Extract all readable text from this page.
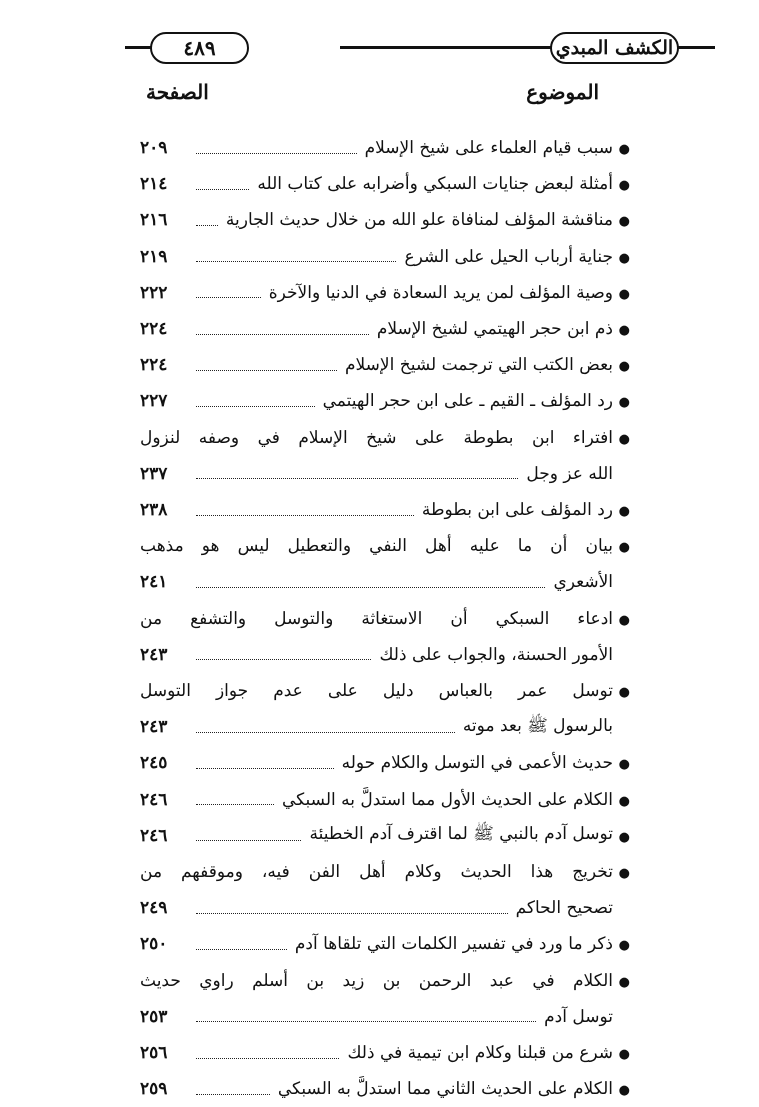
٤٨٩	الكشف المبدي
الموضوع
الصفحة
●
سبب قيام العلماء على شيخ الإسلام
٢٠٩
●
أمثلة لبعض جنايات السبكي وأضرابه على كتاب الله
٢١٤
●
مناقشة المؤلف لمنافاة علو الله من خلال حديث الجارية
٢١٦
●
جناية أرباب الحيل على الشرع
٢١٩
●
وصية المؤلف لمن يريد السعادة في الدنيا والآخرة
٢٢٢
●
ذم ابن حجر الهيتمي لشيخ الإسلام
٢٢٤
●
بعض الكتب التي ترجمت لشيخ الإسلام
٢٢٤
●
رد المؤلف ـ القيم ـ على ابن حجر الهيتمي
٢٢٧
●
افتراء ابن بطوطة على شيخ الإسلام في وصفه لنزول
الله عز وجل
٢٣٧
●
رد المؤلف على ابن بطوطة
٢٣٨
●
بيان أن ما عليه أهل النفي والتعطيل ليس هو مذهب
الأشعري
٢٤١
●
ادعاء السبكي أن الاستغاثة والتوسل والتشفع من
الأمور الحسنة، والجواب على ذلك
٢٤٣
●
توسل عمر بالعباس دليل على عدم جواز التوسل
بالرسول ﷺ بعد موته
٢٤٣
●
حديث الأعمى في التوسل والكلام حوله
٢٤٥
●
الكلام على الحديث الأول مما استدلَّ به السبكي
٢٤٦
●
توسل آدم بالنبي ﷺ لما اقترف آدم الخطيئة
٢٤٦
●
تخريج هذا الحديث وكلام أهل الفن فيه، وموقفهم من
تصحيح الحاكم
٢٤٩
●
ذكر ما ورد في تفسير الكلمات التي تلقاها آدم
٢٥٠
●
الكلام في عبد الرحمن بن زيد بن أسلم راوي حديث
توسل آدم
٢٥٣
●
شرع من قبلنا وكلام ابن تيمية في ذلك
٢٥٦
●
الكلام على الحديث الثاني مما استدلَّ به السبكي
٢٥٩
